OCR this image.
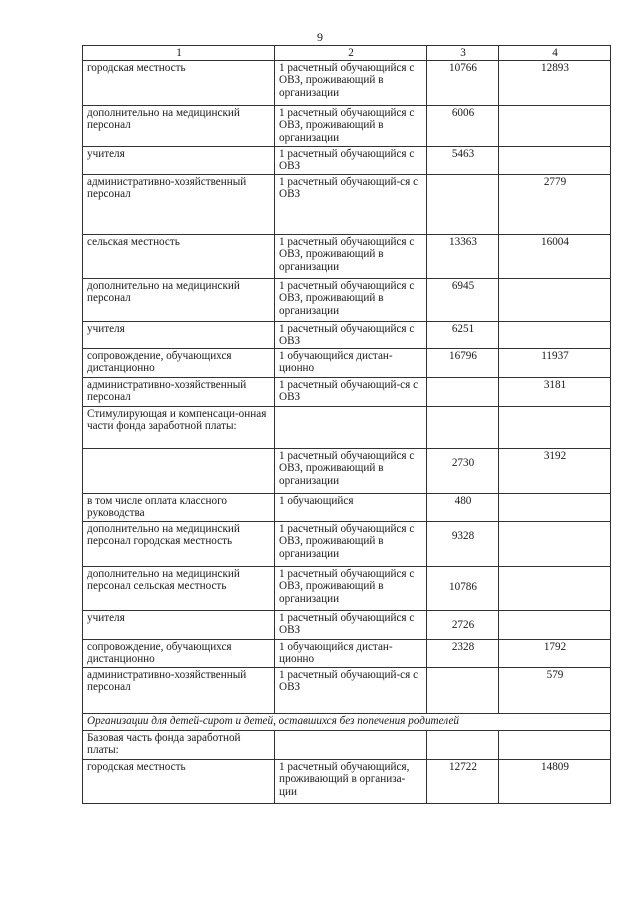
9
1	2	3	4
городская местность	1 расчетный обучающийся с ОВЗ, проживающий в организации	10766	12893
дополнительно на медицинский персонал	1 расчетный обучающийся с ОВЗ, проживающий в организации	6006	
учителя	1 расчетный обучающийся с ОВЗ	5463	
административно-хозяйственный персонал	1 расчетный обучающий-ся с ОВЗ		2779
сельская местность	1 расчетный обучающийся с ОВЗ, проживающий в организации	13363	16004
дополнительно на медицинский персонал	1 расчетный обучающийся с ОВЗ, проживающий в организации	6945	
учителя	1 расчетный обучающийся с ОВЗ	6251	
сопровождение, обучающихся дистанционно	1 обучающийся дистан-ционно	16796	11937
административно-хозяйственный персонал	1 расчетный обучающий-ся с ОВЗ		3181
Стимулирующая и компенсаци-онная части фонда заработной платы:			
	1 расчетный обучающийся с ОВЗ, проживающий в организации	2730	3192
в том числе оплата классного руководства	1 обучающийся	480	
дополнительно на медицинский персонал городская местность	1 расчетный обучающийся с ОВЗ, проживающий в организации	9328	
дополнительно на медицинский персонал сельская местность	1 расчетный обучающийся с ОВЗ, проживающий в организации	10786	
учителя	1 расчетный обучающийся с ОВЗ	2726	
сопровождение, обучающихся дистанционно	1 обучающийся дистан-ционно	2328	1792
административно-хозяйственный персонал	1 расчетный обучающий-ся с ОВЗ		579
Организации для детей-сирот и детей, оставшихся без попечения родителей			
Базовая часть фонда заработной платы:			
городская местность	1 расчетный обучающийся, проживающий в организа-ции	12722	14809
